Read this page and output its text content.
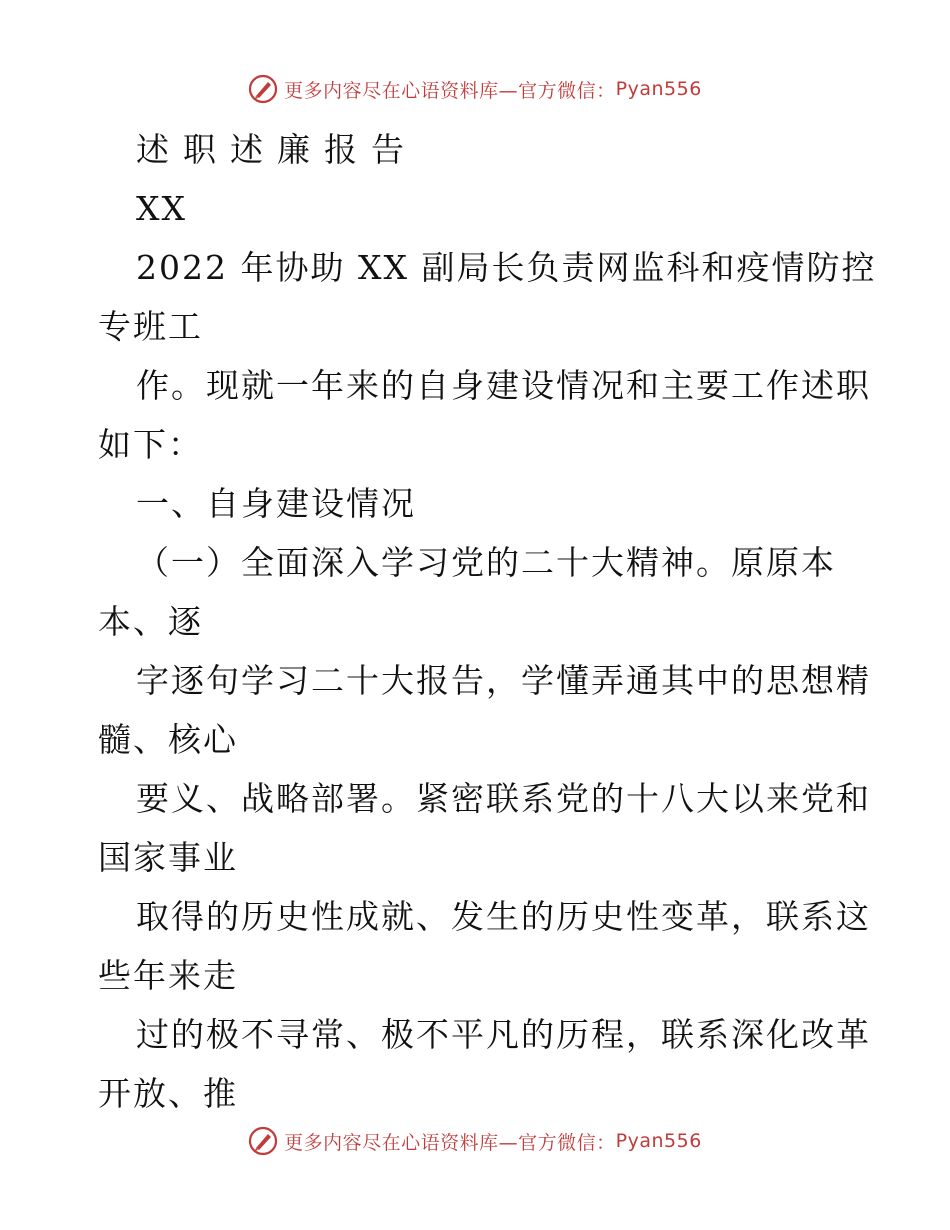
更多内容尽在心语资料库—官方微信： Pyan556
述职述廉报告
XX
2022 年协助 XX 副局长负责网监科和疫情防控
专班工
作。现就一年来的自身建设情况和主要工作述职
如下：
一、自身建设情况
（一）全面深入学习党的二十大精神。原原本
本、逐
字逐句学习二十大报告，学懂弄通其中的思想精
髓、核心
要义、战略部署。紧密联系党的十八大以来党和
国家事业
取得的历史性成就、发生的历史性变革，联系这
些年来走
过的极不寻常、极不平凡的历程，联系深化改革
开放、推
更多内容尽在心语资料库—官方微信： Pyan556
